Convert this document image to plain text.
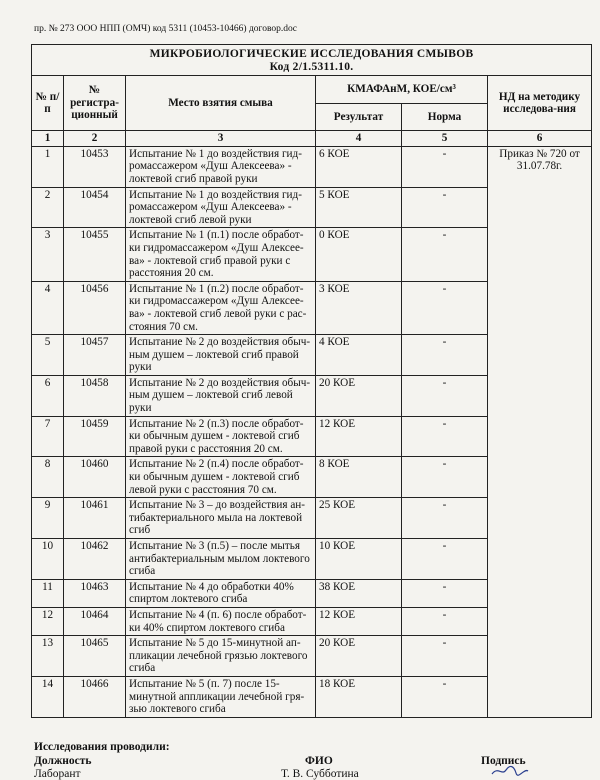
пр. № 273 ООО НПП (ОМЧ) код 5311 (10453-10466) договор.doc
МИКРОБИОЛОГИЧЕСКИЕ ИССЛЕДОВАНИЯ СМЫВОВ
Код 2/1.5311.10.					

№ п/п	№ регистра-ционный	Место взятия смыва	КМАФАнМ, КОЕ/см³		НД на методику исследова-ния
			Результат	Норма	
1	2	3	4	5	6
1	10453	Испытание № 1 до воздействия гид-ромассажером «Душ Алексеева» - локтевой сгиб правой руки	6 КОЕ	-	Приказ № 720 от 31.07.78г.
2	10454	Испытание № 1 до воздействия гид-ромассажером «Душ Алексеева» - локтевой сгиб левой руки	5 КОЕ	-	
3	10455	Испытание № 1 (п.1) после обработ-ки гидромассажером «Душ Алексее-ва» - локтевой сгиб правой руки с расстояния 20 см.	0 КОЕ	-	
4	10456	Испытание № 1 (п.2) после обработ-ки гидромассажером «Душ Алексее-ва» - локтевой сгиб левой руки с рас-стояния 70 см.	3 КОЕ	-	
5	10457	Испытание № 2 до воздействия обыч-ным душем – локтевой сгиб правой руки	4 КОЕ	-	
6	10458	Испытание № 2 до воздействия обыч-ным душем – локтевой сгиб левой руки	20 КОЕ	-	
7	10459	Испытание № 2 (п.3) после обработ-ки обычным душем - локтевой сгиб правой руки с расстояния 20 см.	12 КОЕ	-	
8	10460	Испытание № 2 (п.4) после обработ-ки обычным душем - локтевой сгиб левой руки с расстояния 70 см.	8 КОЕ	-	
9	10461	Испытание № 3 – до воздействия ан-тибактериального мыла на локтевой сгиб	25 КОЕ	-	
10	10462	Испытание № 3 (п.5) – после мытья антибактериальным мылом локтевого сгиба	10 КОЕ	-	
11	10463	Испытание № 4 до обработки 40% спиртом локтевого сгиба	38 КОЕ	-	
12	10464	Испытание № 4 (п. 6) после обработ-ки 40% спиртом локтевого сгиба	12 КОЕ	-	
13	10465	Испытание № 5 до 15-минутной ап-пликации лечебной грязью локтевого сгиба	20 КОЕ	-	
14	10466	Испытание № 5 (п. 7) после 15-минутной аппликации лечебной гря-зью локтевого сгиба	18 КОЕ	-	
Исследования проводили:
Должность	ФИО	Подпись
Лаборант	Т. В. Субботина
